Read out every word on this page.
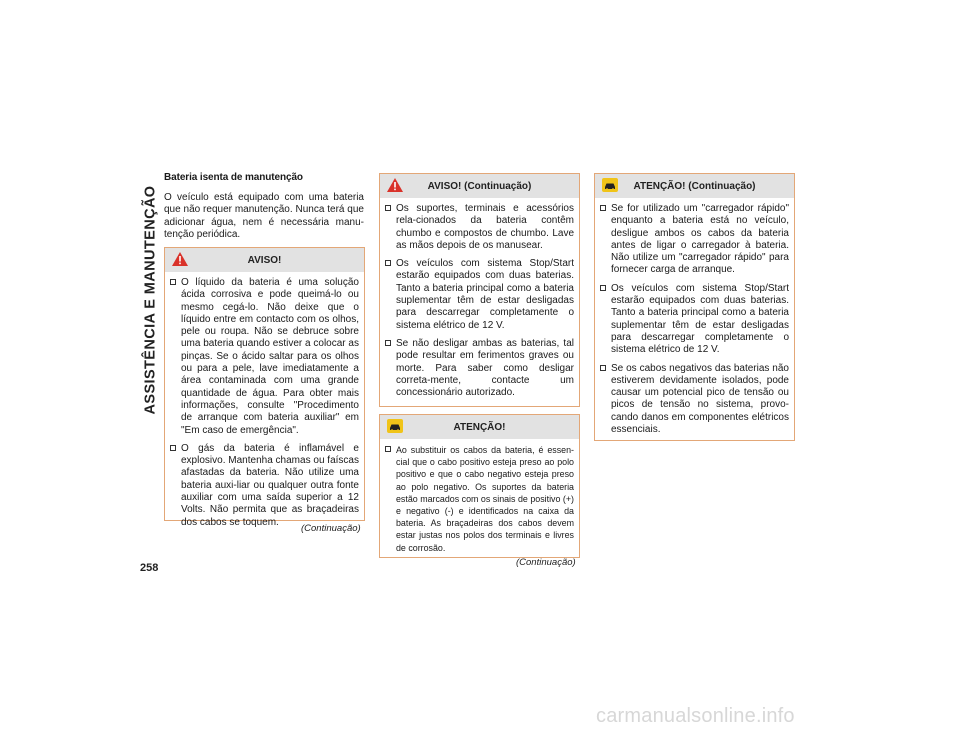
ASSISTÊNCIA E MANUTENÇÃO
258

Bateria isenta de manutenção

O veículo está equipado com uma bateria que não requer manutenção. Nunca terá que adicionar água, nem é necessária manu-tenção periódica.

AVISO!
O líquido da bateria é uma solução ácida corrosiva e pode queimá-lo ou mesmo cegá-lo. Não deixe que o líquido entre em contacto com os olhos, pele ou roupa. Não se debruce sobre uma bateria quando estiver a colocar as pinças. Se o ácido saltar para os olhos ou para a pele, lave imediatamente a área contaminada com uma grande quantidade de água. Para obter mais informações, consulte "Procedimento de arranque com bateria auxiliar" em "Em caso de emergência".
O gás da bateria é inflamável e explosivo. Mantenha chamas ou faíscas afastadas da bateria. Não utilize uma bateria auxi-liar ou qualquer outra fonte auxiliar com uma saída superior a 12 Volts. Não permita que as braçadeiras dos cabos se toquem.
(Continuação)
AVISO! (Continuação)
Os suportes, terminais e acessórios rela-cionados da bateria contêm chumbo e compostos de chumbo. Lave as mãos depois de os manusear.
Os veículos com sistema Stop/Start estarão equipados com duas baterias. Tanto a bateria principal como a bateria suplementar têm de estar desligadas para descarregar completamente o sistema elétrico de 12 V.
Se não desligar ambas as baterias, tal pode resultar em ferimentos graves ou morte. Para saber como desligar correta-mente, contacte um concessionário autorizado.
ATENÇÃO!
Ao substituir os cabos da bateria, é essen-cial que o cabo positivo esteja preso ao polo positivo e que o cabo negativo esteja preso ao polo negativo. Os suportes da bateria estão marcados com os sinais de positivo (+) e negativo (-) e identificados na caixa da bateria. As braçadeiras dos cabos devem estar justas nos polos dos terminais e livres de corrosão.
(Continuação)
ATENÇÃO! (Continuação)
Se for utilizado um "carregador rápido" enquanto a bateria está no veículo, desligue ambos os cabos da bateria antes de ligar o carregador à bateria. Não utilize um "carregador rápido" para fornecer carga de arranque.
Os veículos com sistema Stop/Start estarão equipados com duas baterias. Tanto a bateria principal como a bateria suplementar têm de estar desligadas para descarregar completamente o sistema elétrico de 12 V.
Se os cabos negativos das baterias não estiverem devidamente isolados, pode causar um potencial pico de tensão ou picos de tensão no sistema, provo-cando danos em componentes elétricos essenciais.
carmanualsonline.info
